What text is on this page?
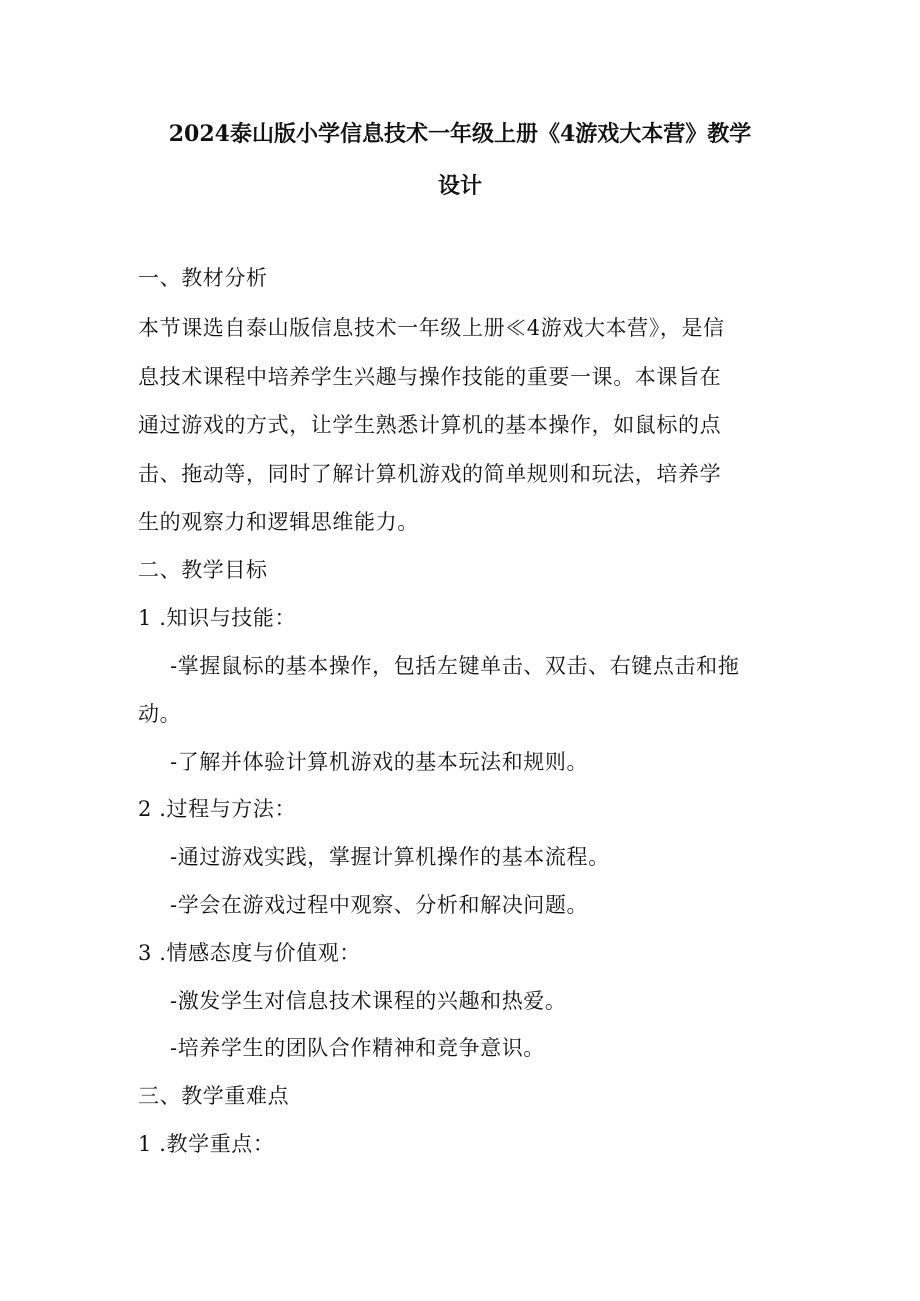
2024泰山版小学信息技术一年级上册《4游戏大本营》教学
设计
一、教材分析
本节课选自泰山版信息技术一年级上册≪4游戏大本营》，是信
息技术课程中培养学生兴趣与操作技能的重要一课。本课旨在
通过游戏的方式，让学生熟悉计算机的基本操作，如鼠标的点
击、拖动等，同时了解计算机游戏的简单规则和玩法，培养学
生的观察力和逻辑思维能力。
二、教学目标
1 .知识与技能：
-掌握鼠标的基本操作，包括左键单击、双击、右键点击和拖
动。
-了解并体验计算机游戏的基本玩法和规则。
2 .过程与方法：
-通过游戏实践，掌握计算机操作的基本流程。
-学会在游戏过程中观察、分析和解决问题。
3 .情感态度与价值观：
-激发学生对信息技术课程的兴趣和热爱。
-培养学生的团队合作精神和竞争意识。
三、教学重难点
1 .教学重点：
